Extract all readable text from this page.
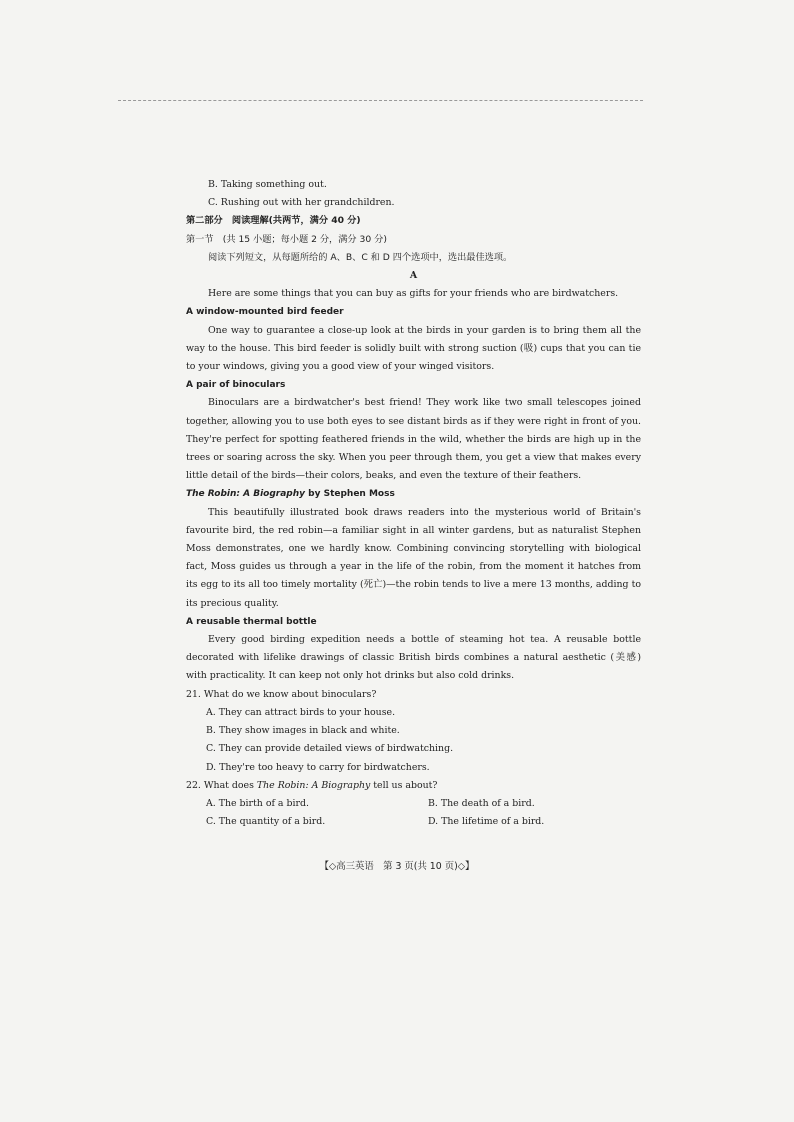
B. Taking something out.

C. Rushing out with her grandchildren.

第二部分　阅读理解(共两节，满分 40 分)

第一节　(共 15 小题；每小题 2 分，满分 30 分)

阅读下列短文，从每题所给的 A、B、C 和 D 四个选项中，选出最佳选项。

A

Here are some things that you can buy as gifts for your friends who are birdwatchers.

A window-mounted bird feeder

One way to guarantee a close-up look at the birds in your garden is to bring them all the way to the house. This bird feeder is solidly built with strong suction (吸) cups that you can tie to your windows, giving you a good view of your winged visitors.

A pair of binoculars

Binoculars are a birdwatcher's best friend! They work like two small telescopes joined together, allowing you to use both eyes to see distant birds as if they were right in front of you. They're perfect for spotting feathered friends in the wild, whether the birds are high up in the trees or soaring across the sky. When you peer through them, you get a view that makes every little detail of the birds—their colors, beaks, and even the texture of their feathers.

The Robin: A Biography by Stephen Moss

This beautifully illustrated book draws readers into the mysterious world of Britain's favourite bird, the red robin—a familiar sight in all winter gardens, but as naturalist Stephen Moss demonstrates, one we hardly know. Combining convincing storytelling with biological fact, Moss guides us through a year in the life of the robin, from the moment it hatches from its egg to its all too timely mortality (死亡)—the robin tends to live a mere 13 months, adding to its precious quality.

A reusable thermal bottle

Every good birding expedition needs a bottle of steaming hot tea. A reusable bottle decorated with lifelike drawings of classic British birds combines a natural aesthetic (美感) with practicality. It can keep not only hot drinks but also cold drinks.

21. What do we know about binoculars?

A. They can attract birds to your house.

B. They show images in black and white.

C. They can provide detailed views of birdwatching.

D. They're too heavy to carry for birdwatchers.

22. What does The Robin: A Biography tell us about?

A. The birth of a bird.	B. The death of a bird.
C. The quantity of a bird.	D. The lifetime of a bird.
【◇高三英语　第 3 页(共 10 页)◇】
